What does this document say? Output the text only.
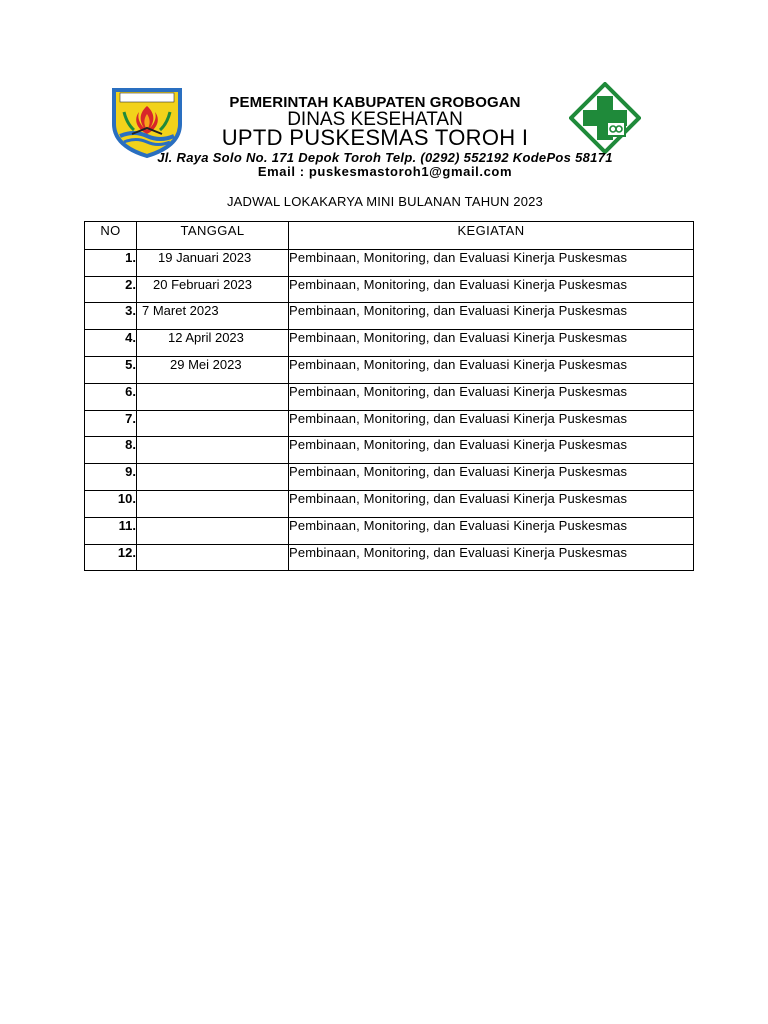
PEMERINTAH KABUPATEN GROBOGAN
DINAS KESEHATAN
UPTD PUSKESMAS TOROH I
Jl. Raya Solo No. 171 Depok Toroh Telp. (0292) 552192 KodePos 58171
Email : puskesmastoroh1@gmail.com
JADWAL LOKAKARYA MINI BULANAN TAHUN 2023
NO	TANGGAL	KEGIATAN
1.	19 Januari 2023	Pembinaan, Monitoring, dan Evaluasi Kinerja Puskesmas
2.	20 Februari 2023	Pembinaan, Monitoring, dan Evaluasi Kinerja Puskesmas
3.	7 Maret 2023	Pembinaan, Monitoring, dan Evaluasi Kinerja Puskesmas
4.	12 April 2023	Pembinaan, Monitoring, dan Evaluasi Kinerja Puskesmas
5.	29 Mei 2023	Pembinaan, Monitoring, dan Evaluasi Kinerja Puskesmas
6.		Pembinaan, Monitoring, dan Evaluasi Kinerja Puskesmas
7.		Pembinaan, Monitoring, dan Evaluasi Kinerja Puskesmas
8.		Pembinaan, Monitoring, dan Evaluasi Kinerja Puskesmas
9.		Pembinaan, Monitoring, dan Evaluasi Kinerja Puskesmas
10.		Pembinaan, Monitoring, dan Evaluasi Kinerja Puskesmas
11.		Pembinaan, Monitoring, dan Evaluasi Kinerja Puskesmas
12.		Pembinaan, Monitoring, dan Evaluasi Kinerja Puskesmas
